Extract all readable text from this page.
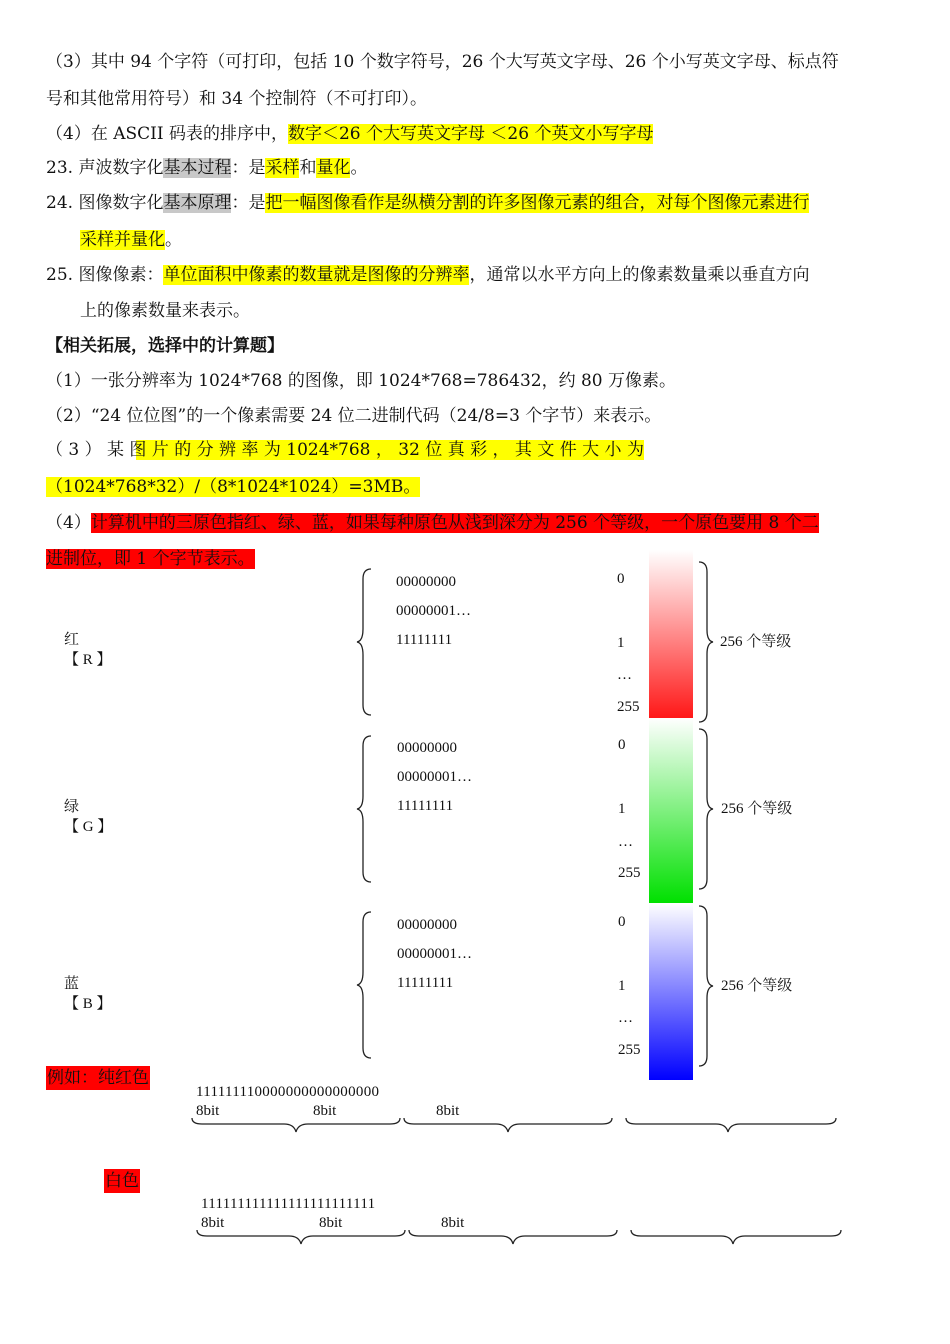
（3）其中 94 个字符（可打印，包括 10 个数字符号，26 个大写英文字母、26 个小写英文字母、标点符
号和其他常用符号）和 34 个控制符（不可打印）。
（4）在 ASCII 码表的排序中，数字＜26 个大写英文字母 ＜26 个英文小写字母
23. 声波数字化基本过程：是采样和量化。
24. 图像数字化基本原理：是把一幅图像看作是纵横分割的许多图像元素的组合，对每个图像元素进行
采样并量化。
25. 图像像素：单位面积中像素的数量就是图像的分辨率，通常以水平方向上的像素数量乘以垂直方向
上的像素数量来表示。
【相关拓展，选择中的计算题】
（1）一张分辨率为 1024*768 的图像，即 1024*768=786432，约 80 万像素。
（2）“24 位位图”的一个像素需要 24 位二进制代码（24/8=3 个字节）来表示。
（ 3 ） 某 图 片 的 分 辨 率 为 1024*768 ， 32 位 真 彩 ， 其 文 件 大 小 为
（1024*768*32）/（8*1024*1024）=3MB。
（4）计算机中的三原色指红、绿、蓝，如果每种原色从浅到深分为 256 个等级，一个原色要用 8 个二
进制位，即 1 个字节表示。
红
【 R 】
00000000
00000001…
11111111
0
1
…
255
256 个等级
绿
【 G 】
00000000
00000001…
11111111
0
1
…
255
256 个等级
蓝
【 B 】
00000000
00000001…
11111111
0
1
…
255
256 个等级
例如：纯红色
111111110000000000000000
8bit	8bit	8bit
白色
111111111111111111111111
8bit	8bit	8bit
